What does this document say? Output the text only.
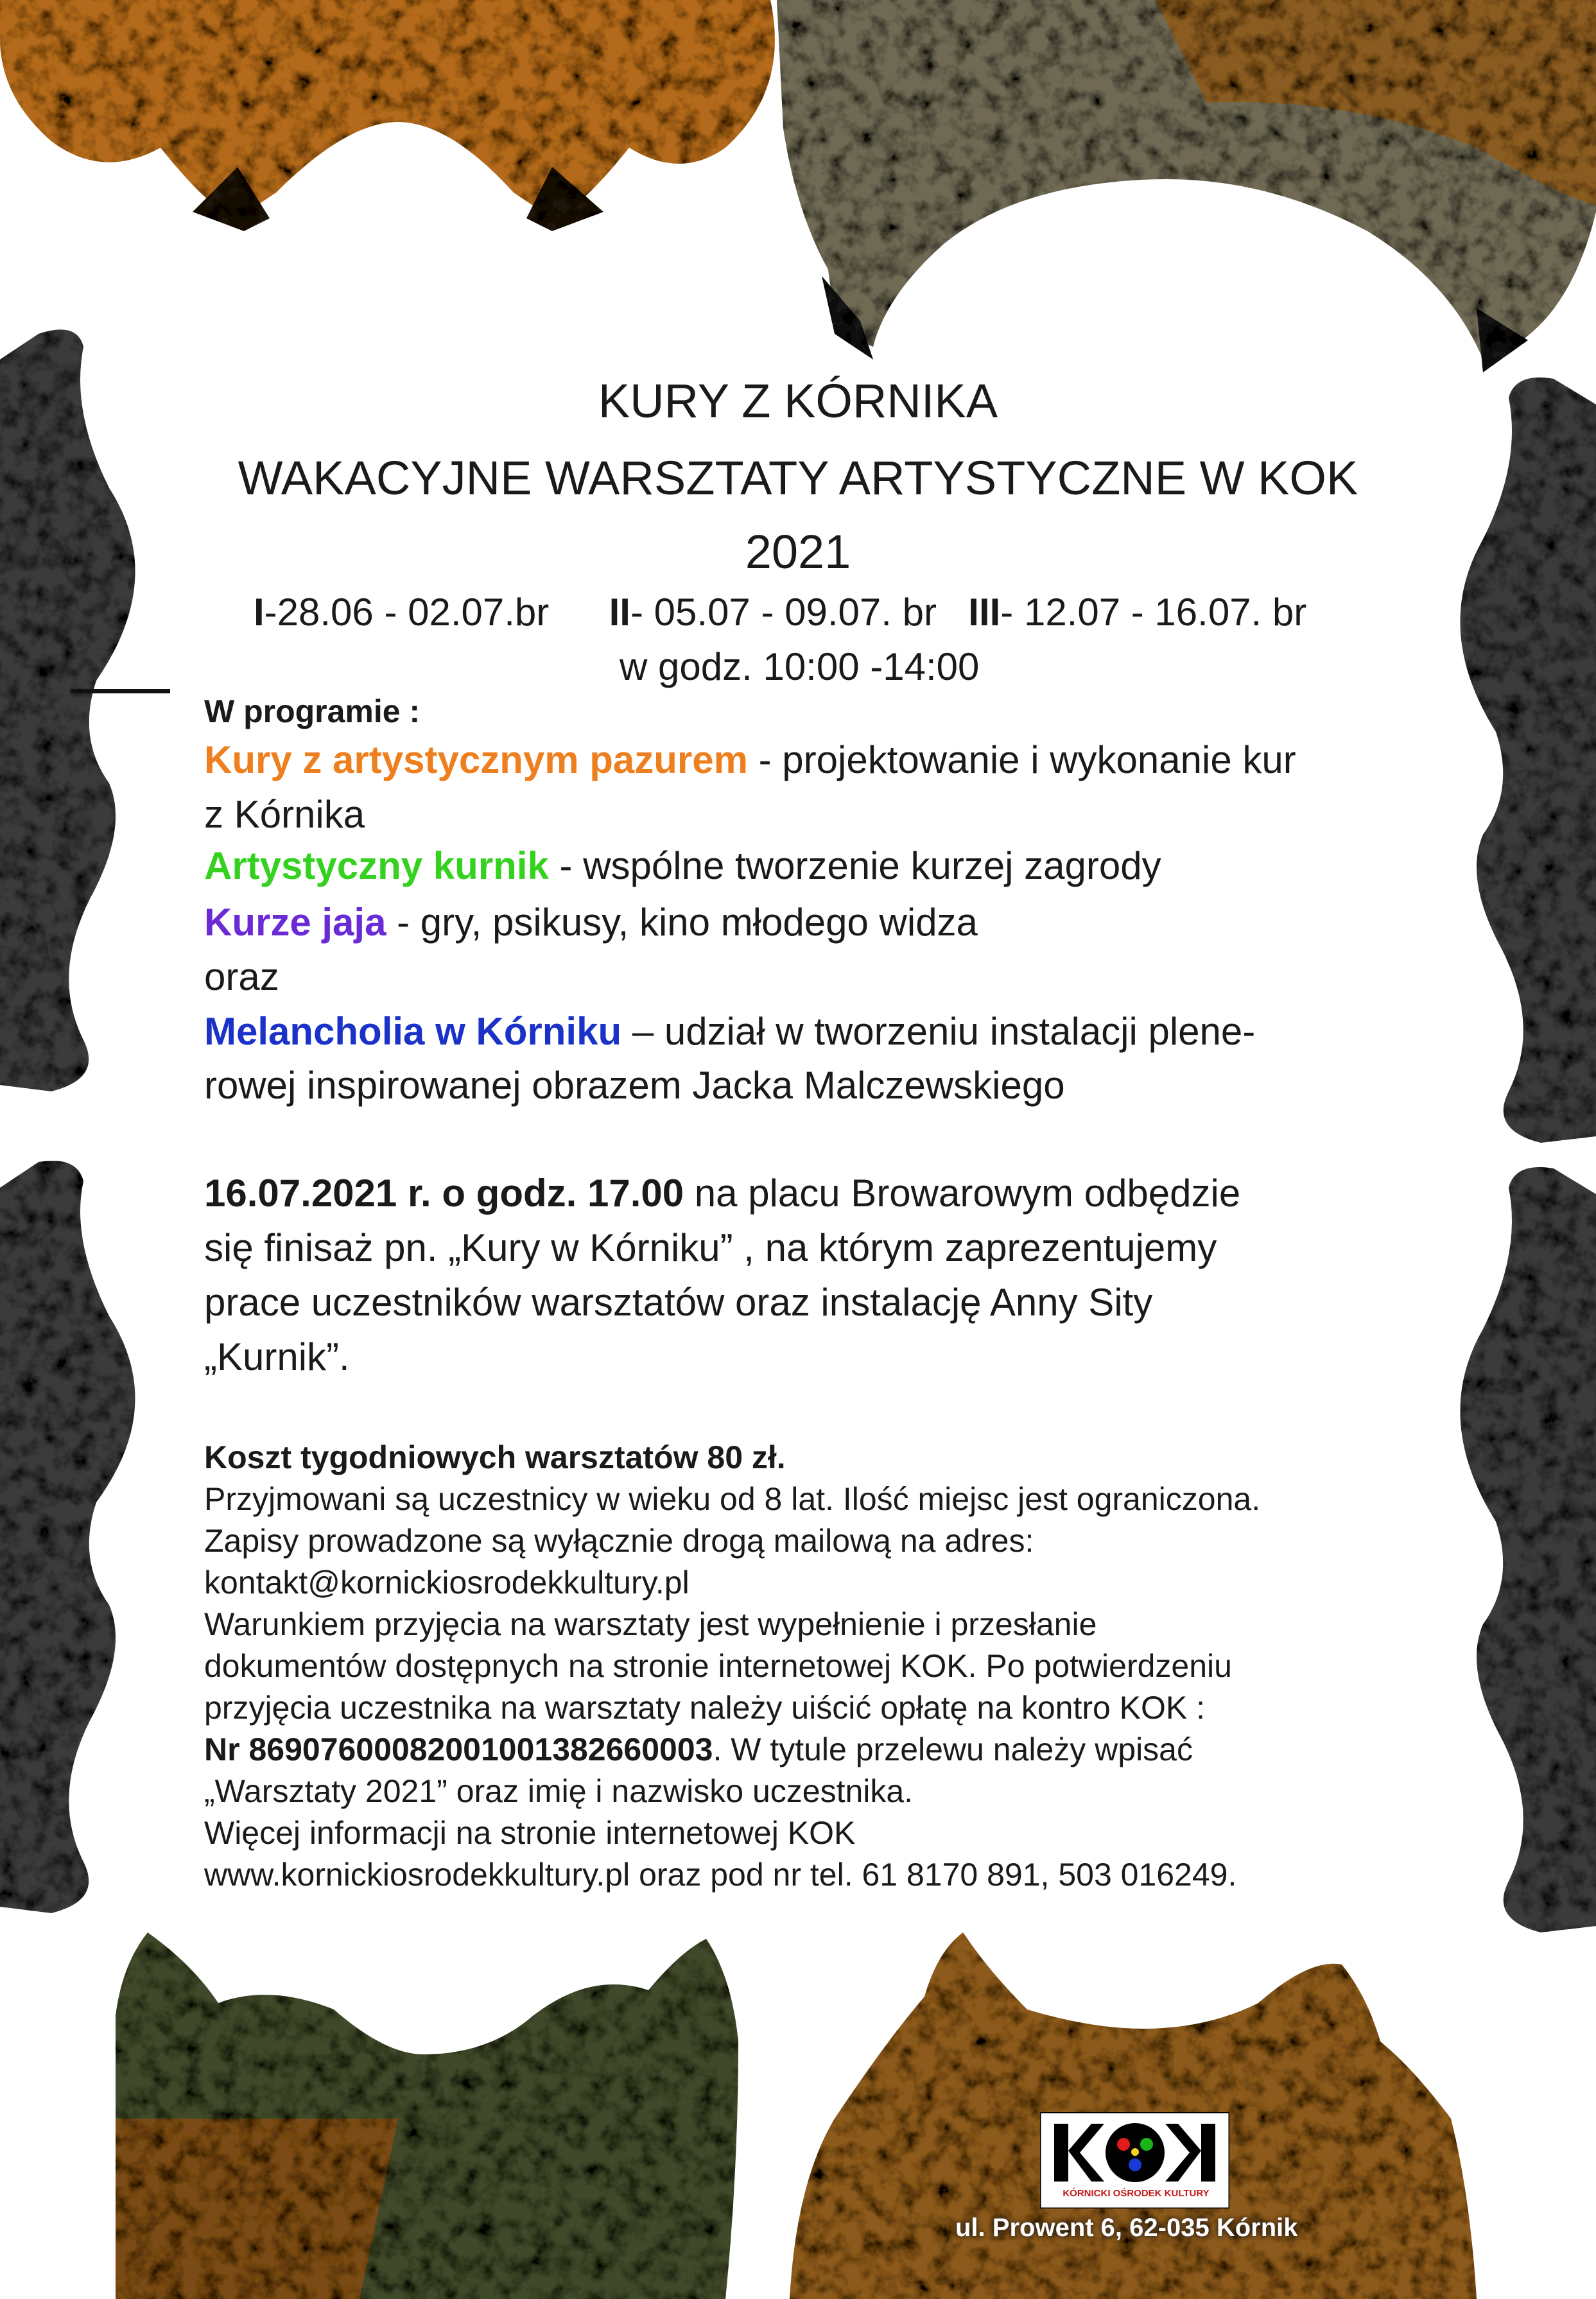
KURY Z KÓRNIKA
WAKACYJNE WARSZTATY ARTYSTYCZNE W KOK
2021
I-28.06 - 02.07.br II- 05.07 - 09.07. br III- 12.07 - 16.07. br
w godz. 10:00 -14:00
W programie :
Kury z artystycznym pazurem - projektowanie i wykonanie kur
z Kórnika
Artystyczny kurnik - wspólne tworzenie kurzej zagrody
Kurze jaja - gry, psikusy, kino młodego widza
oraz
Melancholia w Kórniku – udział w tworzeniu instalacji plene-
rowej inspirowanej obrazem Jacka Malczewskiego
16.07.2021 r. o godz. 17.00 na placu Browarowym odbędzie
się finisaż pn. „Kury w Kórniku” , na którym zaprezentujemy
prace uczestników warsztatów oraz instalację Anny Sity
„Kurnik”.
Koszt tygodniowych warsztatów 80 zł.
Przyjmowani są uczestnicy w wieku od 8 lat. Ilość miejsc jest ograniczona.
Zapisy prowadzone są wyłącznie drogą mailową na adres:
kontakt@kornickiosrodekkultury.pl
Warunkiem przyjęcia na warsztaty jest wypełnienie i przesłanie
dokumentów dostępnych na stronie internetowej KOK. Po potwierdzeniu
przyjęcia uczestnika na warsztaty należy uiścić opłatę na kontro KOK :
Nr 86907600082001001382660003. W tytule przelewu należy wpisać
„Warsztaty 2021” oraz imię i nazwisko uczestnika.
Więcej informacji na stronie internetowej KOK
www.kornickiosrodekkultury.pl oraz pod nr tel. 61 8170 891, 503 016249.
KÓRNICKI OŚRODEK KULTURY
ul. Prowent 6, 62-035 Kórnik
